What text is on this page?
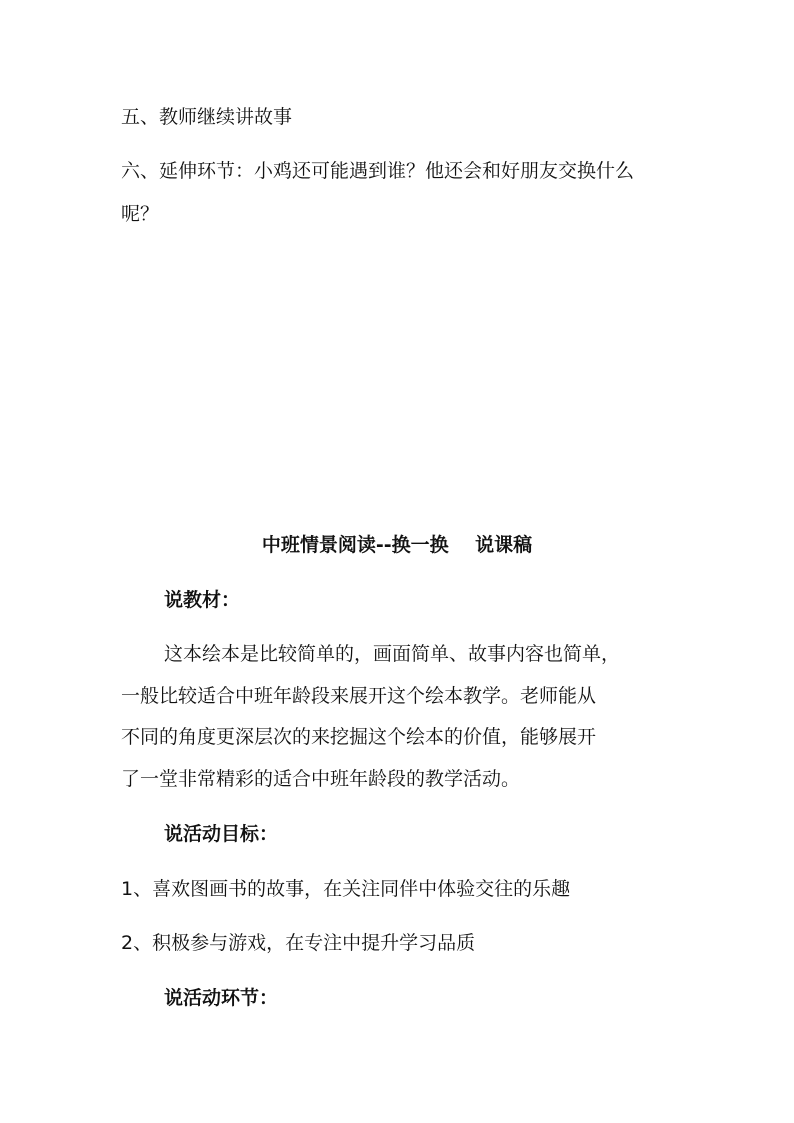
五、教师继续讲故事
六、延伸环节：小鸡还可能遇到谁？他还会和好朋友交换什么
呢？
中班情景阅读--换一换    说课稿
说教材：
这本绘本是比较简单的，画面简单、故事内容也简单，
一般比较适合中班年龄段来展开这个绘本教学。老师能从
不同的角度更深层次的来挖掘这个绘本的价值，能够展开
了一堂非常精彩的适合中班年龄段的教学活动。
说活动目标：
1、喜欢图画书的故事，在关注同伴中体验交往的乐趣
2、积极参与游戏，在专注中提升学习品质
说活动环节：
